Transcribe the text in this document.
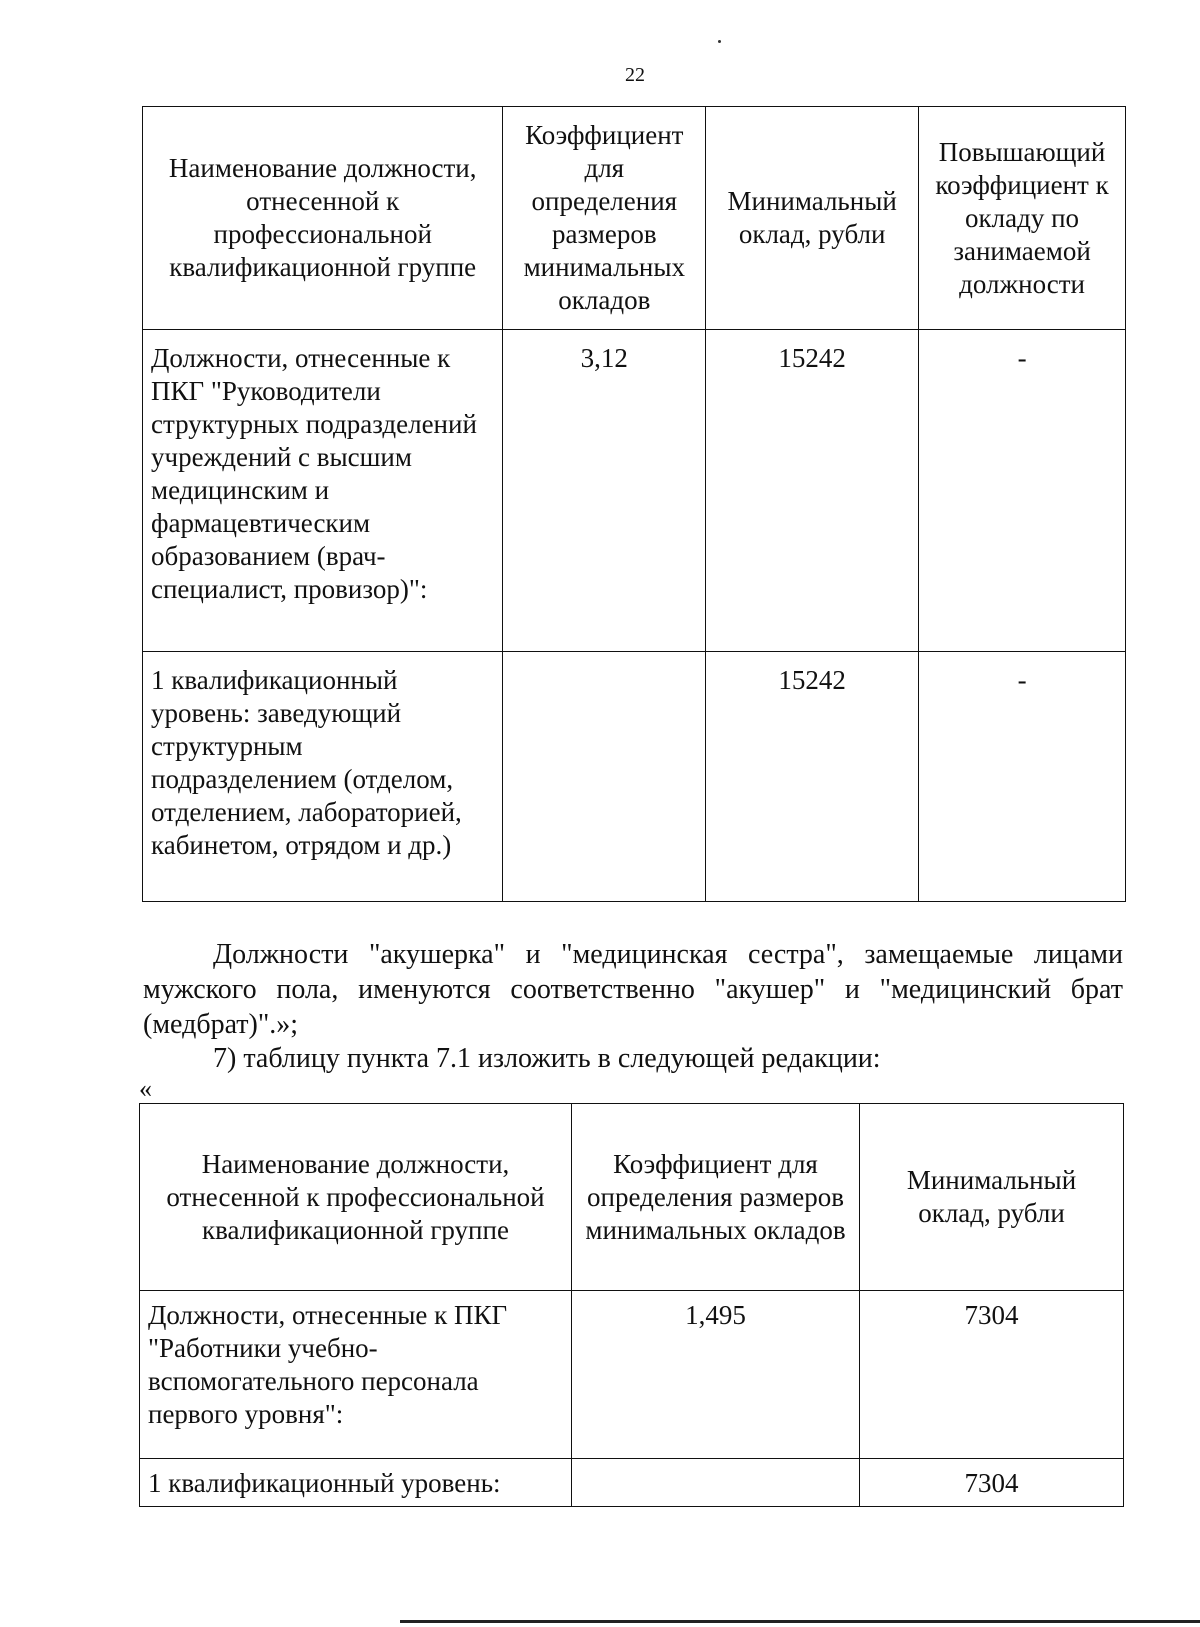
22
Наименование должности, отнесенной к профессиональной квалификационной группе	Коэффициент для определения размеров минимальных окладов	Минимальный оклад, рубли	Повышающий коэффициент к окладу по занимаемой должности
Должности, отнесенные к ПКГ "Руководители структурных подразделений учреждений с высшим медицинским и фармацевтическим образованием (врач-специалист, провизор)":	3,12	15242	-
1 квалификационный уровень: заведующий структурным подразделением (отделом, отделением, лабораторией, кабинетом, отрядом и др.)		15242	-
Должности "акушерка" и "медицинская сестра", замещаемые лицами мужского пола, именуются соответственно "акушер" и "медицинский брат (медбрат)".»;
7) таблицу пункта 7.1 изложить в следующей редакции:
«
Наименование должности, отнесенной к профессиональной квалификационной группе	Коэффициент для определения размеров минимальных окладов	Минимальный оклад, рубли
Должности, отнесенные к ПКГ "Работники учебно-вспомогательного персонала первого уровня":	1,495	7304
1 квалификационный уровень:		7304
